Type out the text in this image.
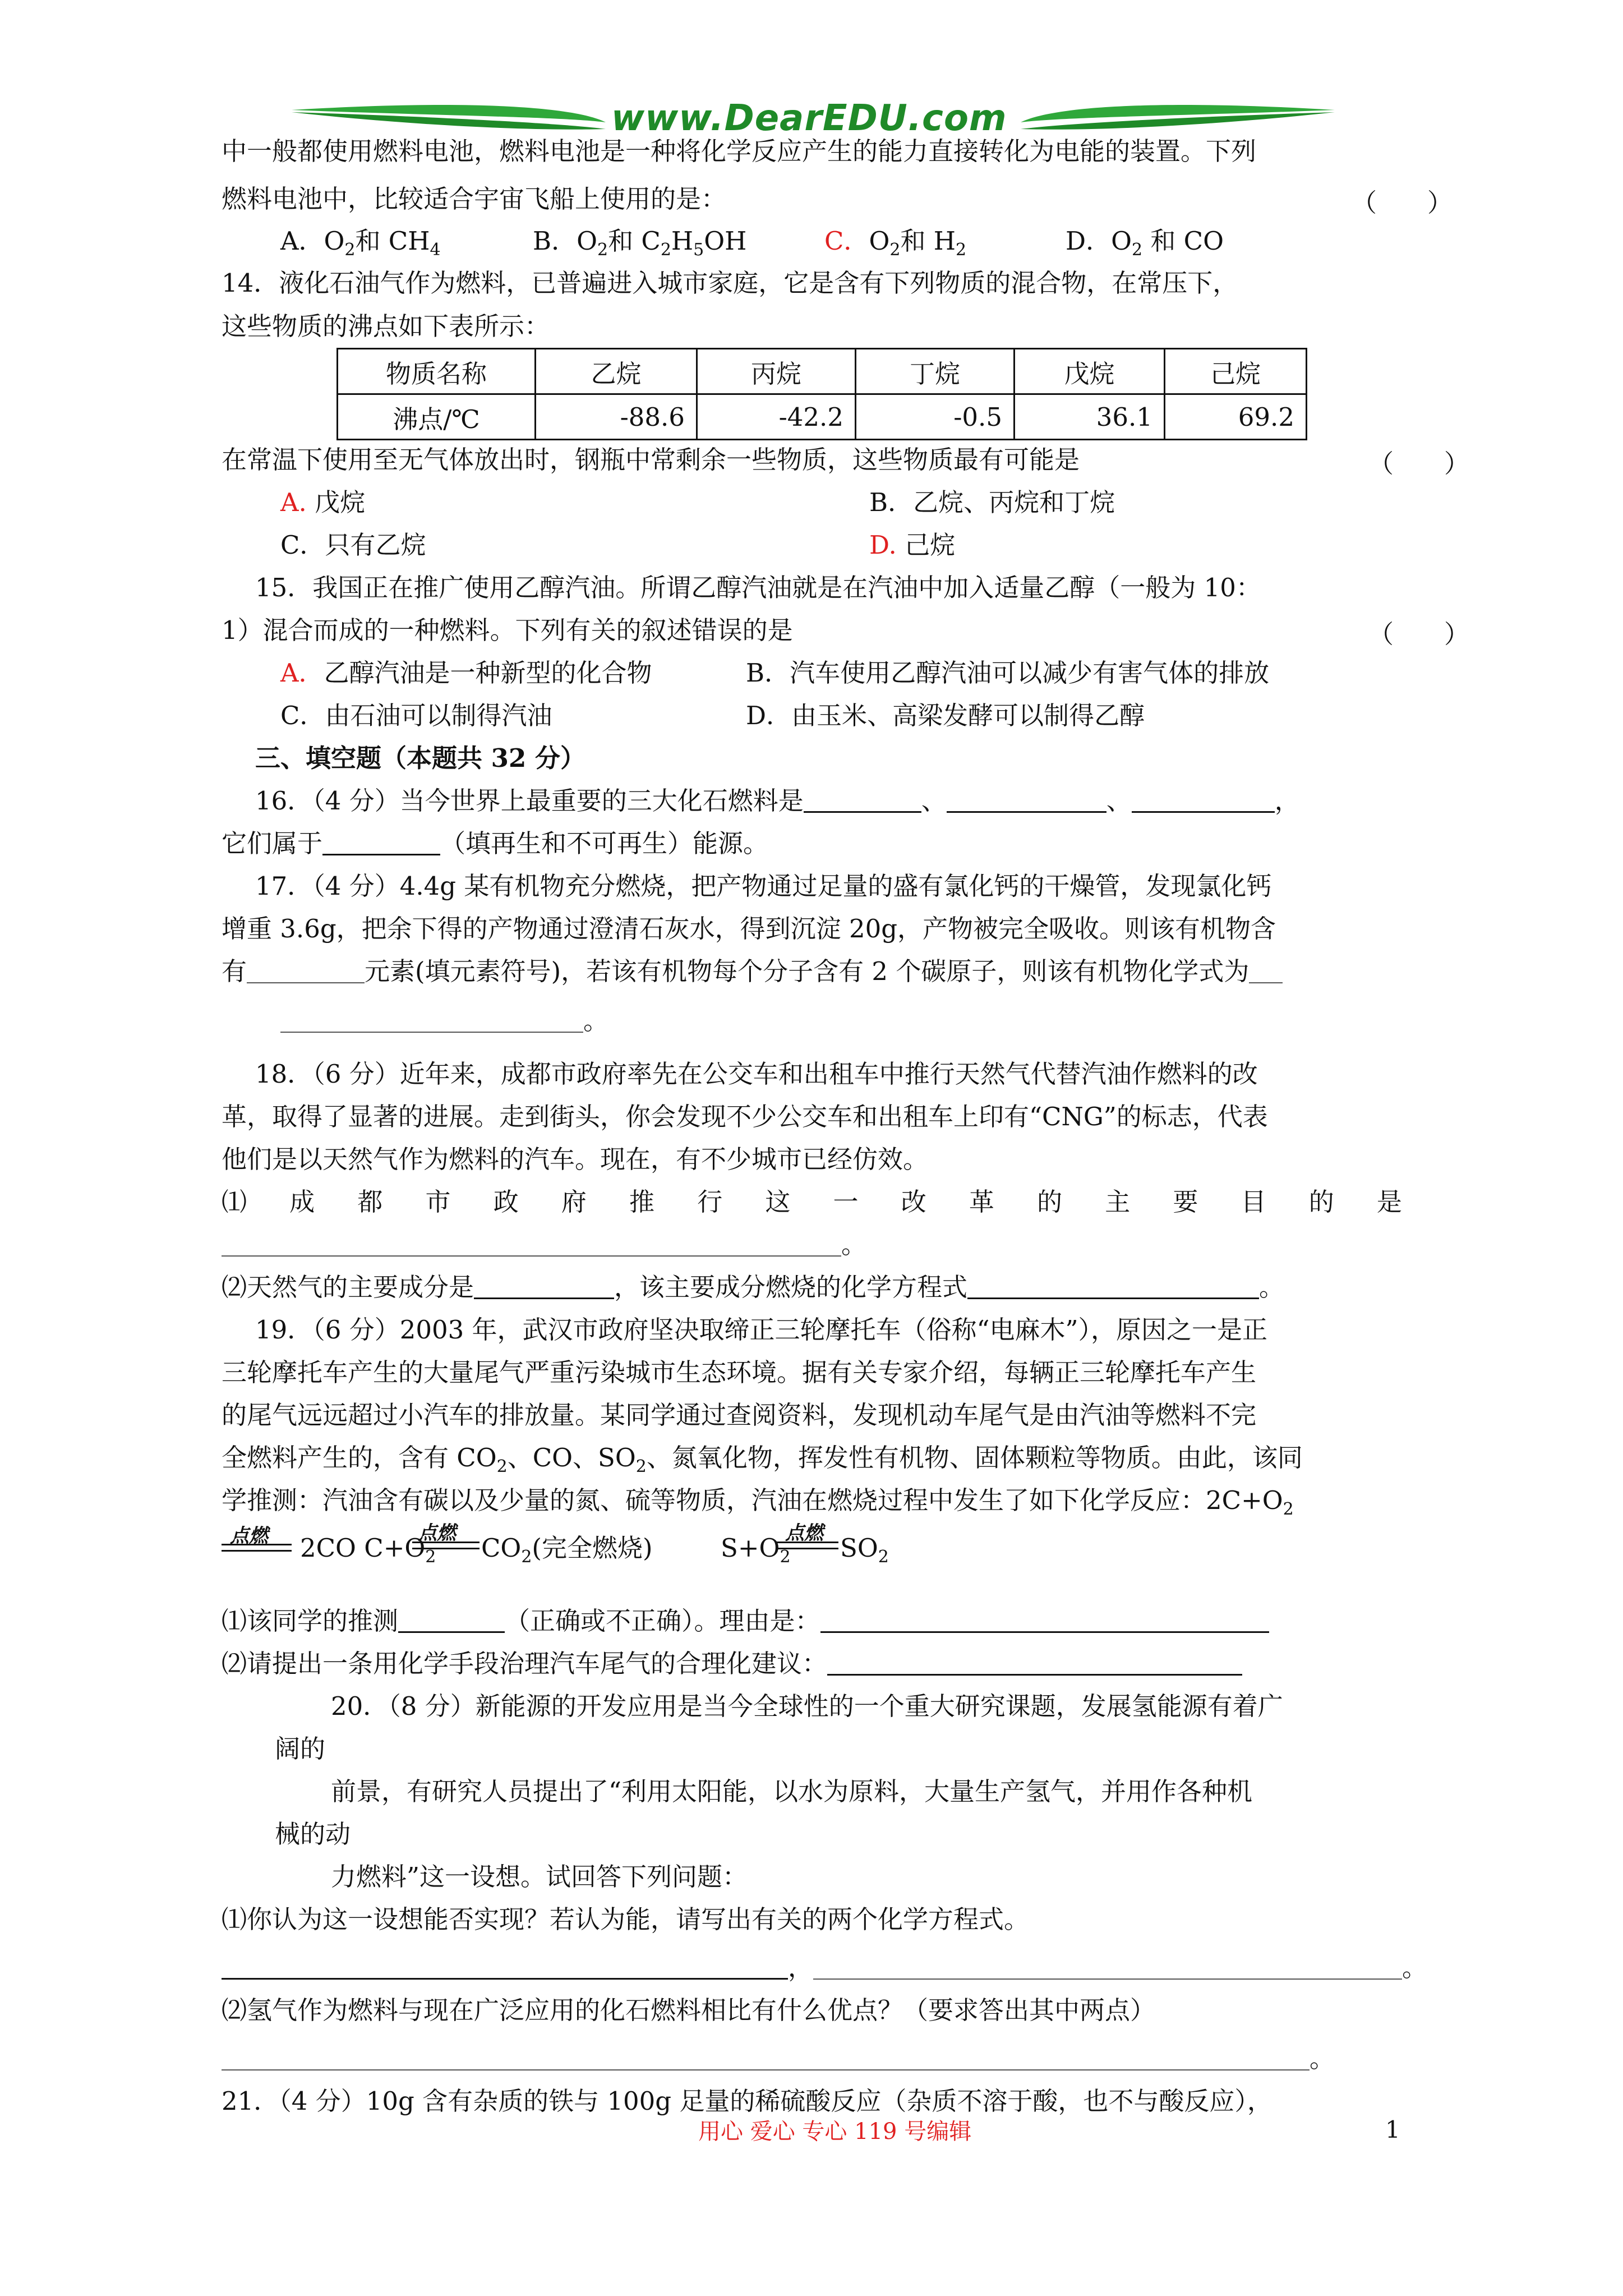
www.DearEDU.com
中一般都使用燃料电池，燃料电池是一种将化学反应产生的能力直接转化为电能的装置。下列
燃料电池中，比较适合宇宙飞船上使用的是：	（　　）
A．$O_2$和 $CH_4$	B．$O_2$和 $C_2H_5OH$	C．$O_2$和 $H_2$	D．$O_2$ 和 CO
14．液化石油气作为燃料，已普遍进入城市家庭，它是含有下列物质的混合物，在常压下，
这些物质的沸点如下表所示：
物质名称	乙烷	丙烷	丁烷	戊烷	己烷
沸点/℃	-88.6	-42.2	-0.5	36.1	69.2
在常温下使用至无气体放出时，钢瓶中常剩余一些物质，这些物质最有可能是	（　　）
A. 戊烷	B．乙烷、丙烷和丁烷
C．只有乙烷	D. 己烷
15．我国正在推广使用乙醇汽油。所谓乙醇汽油就是在汽油中加入适量乙醇（一般为 10：
1）混合而成的一种燃料。下列有关的叙述错误的是	（　　）
A．乙醇汽油是一种新型的化合物	B．汽车使用乙醇汽油可以减少有害气体的排放
C．由石油可以制得汽油	D．由玉米、高梁发酵可以制得乙醇
三、填空题（本题共 32 分）
16．（4 分）当今世界上最重要的三大化石燃料是	、	、	，
它们属于	（填再生和不可再生）能源。
17．（4 分）4.4g 某有机物充分燃烧，把产物通过足量的盛有氯化钙的干燥管，发现氯化钙
增重 3.6g，把余下得的产物通过澄清石灰水，得到沉淀 20g，产物被完全吸收。则该有机物含
有	元素(填元素符号)，若该有机物每个分子含有 2 个碳原子，则该有机物化学式为
。
18．（6 分）近年来，成都市政府率先在公交车和出租车中推行天然气代替汽油作燃料的改
革，取得了显著的进展。走到街头，你会发现不少公交车和出租车上印有“CNG”的标志，代表
他们是以天然气作为燃料的汽车。现在，有不少城市已经仿效。
⑴ 成 都 市 政 府 推 行 这 一 改 革 的 主 要 目 的 是
。
⑵天然气的主要成分是	，该主要成分燃烧的化学方程式	。
19．（6 分）2003 年，武汉市政府坚决取缔正三轮摩托车（俗称“电麻木”），原因之一是正
三轮摩托车产生的大量尾气严重污染城市生态环境。据有关专家介绍，每辆正三轮摩托车产生
的尾气远远超过小汽车的排放量。某同学通过查阅资料，发现机动车尾气是由汽油等燃料不完
全燃料产生的，含有 $CO_2$、CO、$SO_2$、氮氧化物，挥发性有机物、固体颗粒等物质。由此，该同
学推测：汽油含有碳以及少量的氮、硫等物质，汽油在燃烧过程中发生了如下化学反应：$2C+O_2$
点燃 2CO $C+O_2$
点燃 $CO_2$(完全燃烧)	$S+O_2$
点燃 $SO_2$
⑴该同学的推测	（正确或不正确）。理由是：
⑵请提出一条用化学手段治理汽车尾气的合理化建议：
20．（8 分）新能源的开发应用是当今全球性的一个重大研究课题，发展氢能源有着广
阔的
前景，有研究人员提出了“利用太阳能，以水为原料，大量生产氢气，并用作各种机
械的动
力燃料”这一设想。试回答下列问题：
⑴你认为这一设想能否实现？若认为能，请写出有关的两个化学方程式。
，	。
⑵氢气作为燃料与现在广泛应用的化石燃料相比有什么优点？（要求答出其中两点）
。
21．（4 分）10g 含有杂质的铁与 100g 足量的稀硫酸反应（杂质不溶于酸，也不与酸反应），
用心 爱心 专心 119 号编辑	1
